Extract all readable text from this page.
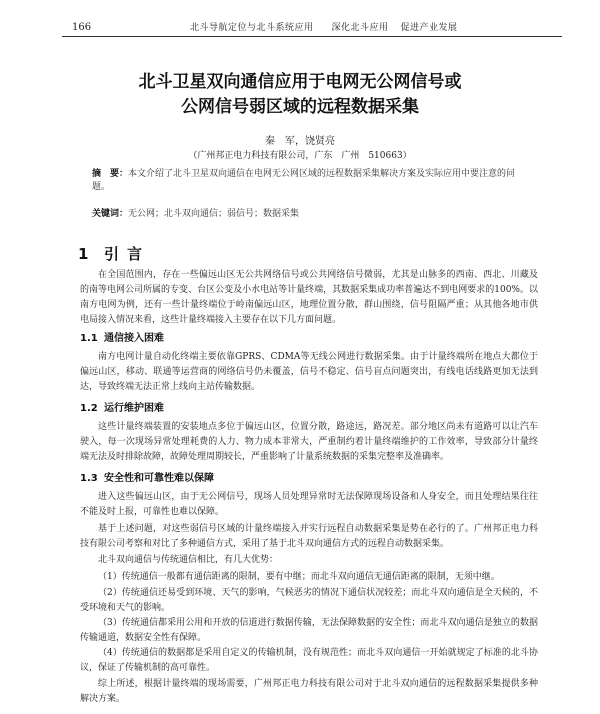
166	北斗导航定位与北斗系统应用 深化北斗应用 促进产业发展
北斗卫星双向通信应用于电网无公网信号或
公网信号弱区域的远程数据采集
秦　军，饶贤亮
（广州邦正电力科技有限公司，广东　广州　510663）
摘　要：本文介绍了北斗卫星双向通信在电网无公网区域的远程数据采集解决方案及实际应用中要注意的问题。
关键词：无公网；北斗双向通信；弱信号；数据采集
1 引言
在全国范围内，存在一些偏远山区无公共网络信号或公共网络信号微弱，尤其是山脉多的西南、西北、川藏及的南等电网公司所属的专变、台区公变及小水电站等计量终端，其数据采集成功率普遍达不到电网要求的100%。以南方电网为例，还有一些计量终端位于岭南偏远山区，地理位置分散，群山围绕，信号阻隔严重；从其他各地市供电局接入情况来看，这些计量终端接入主要存在以下几方面问题。
1.1 通信接入困难
南方电网计量自动化终端主要依靠GPRS、CDMA等无线公网进行数据采集。由于计量终端所在地点大都位于偏远山区，移动、联通等运营商的网络信号仍未覆盖，信号不稳定、信号盲点问题突出，有线电话线路更加无法到达，导致终端无法正常上线向主站传输数据。
1.2 运行维护困难
这些计量终端装置的安装地点多位于偏远山区，位置分散，路途远，路况差。部分地区尚未有道路可以让汽车驶入，每一次现场异常处理耗费的人力、物力成本非常大，严重制约着计量终端维护的工作效率，导致部分计量终端无法及时排除故障，故障处理周期较长，严重影响了计量系统数据的采集完整率及准确率。
1.3 安全性和可靠性难以保障
进入这些偏远山区，由于无公网信号，现场人员处理异常时无法保障现场设备和人身安全，而且处理结果往往不能及时上报，可靠性也难以保障。
基于上述问题，对这些弱信号区域的计量终端接入并实行远程自动数据采集是势在必行的了。广州邦正电力科技有限公司考察和对比了多种通信方式，采用了基于北斗双向通信方式的远程自动数据采集。
北斗双向通信与传统通信相比，有几大优势：
（1）传统通信一般都有通信距离的限制，要有中继；而北斗双向通信无通信距离的限制，无须中继。
（2）传统通信还易受到环境、天气的影响，气候恶劣的情况下通信状况较差；而北斗双向通信是全天候的，不受环境和天气的影响。
（3）传统通信都采用公用和开放的信道进行数据传输，无法保障数据的安全性；而北斗双向通信是独立的数据传输通道，数据安全性有保障。
（4）传统通信的数据都是采用自定义的传输机制，没有规范性；而北斗双向通信一开始就规定了标准的北斗协议，保证了传输机制的高可靠性。
综上所述，根据计量终端的现场需要，广州邦正电力科技有限公司对于北斗双向通信的远程数据采集提供多种解决方案。
